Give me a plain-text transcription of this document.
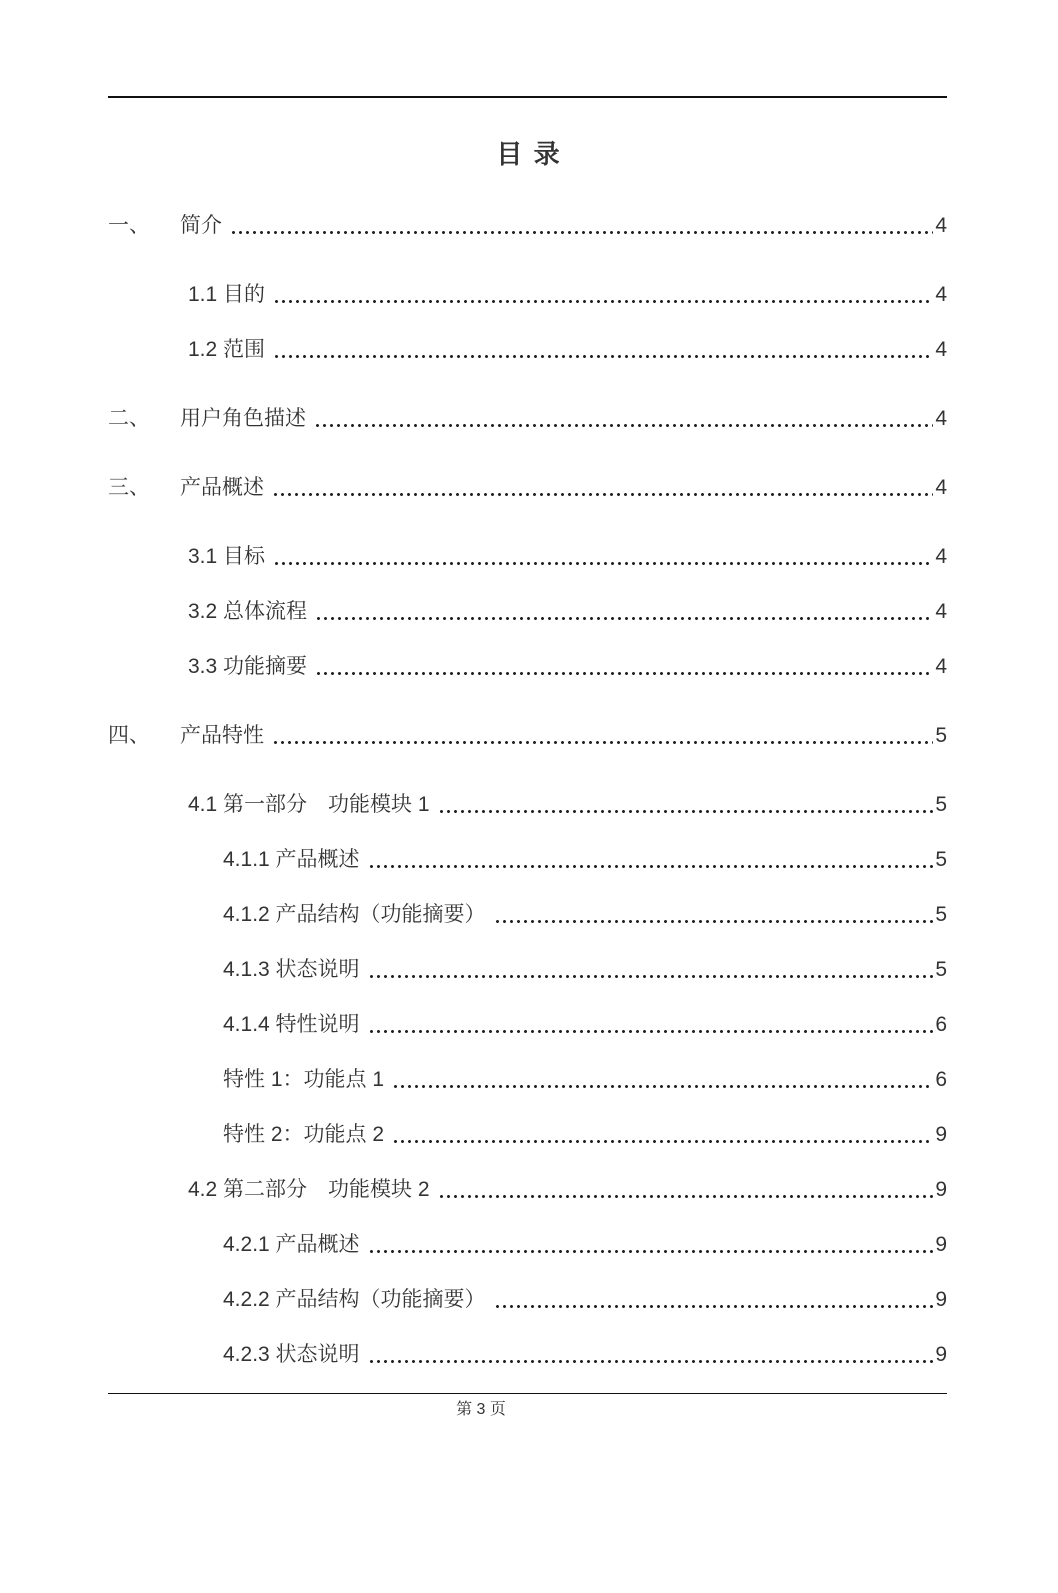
目 录
一、	简介	4
1.1 目的	4
1.2 范围	4
二、	用户角色描述	4
三、	产品概述	4
3.1 目标	4
3.2 总体流程	4
3.3 功能摘要	4
四、	产品特性	5
4.1 第一部分　功能模块 1	5
4.1.1 产品概述	5
4.1.2 产品结构（功能摘要）	5
4.1.3 状态说明	5
4.1.4 特性说明	6
特性 1：功能点 1	6
特性 2：功能点 2	9
4.2 第二部分　功能模块 2	9
4.2.1 产品概述	9
4.2.2 产品结构（功能摘要）	9
4.2.3 状态说明	9
第 3 页
